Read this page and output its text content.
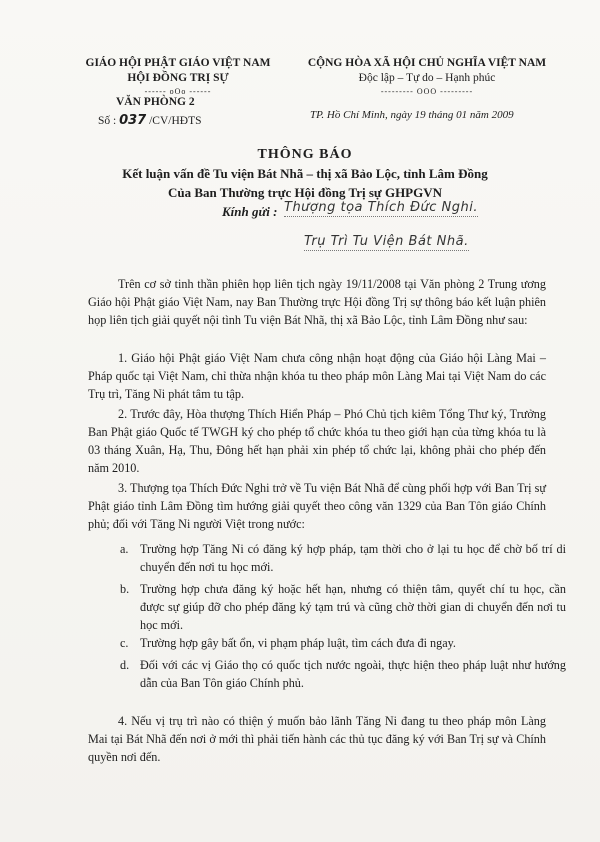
GIÁO HỘI PHẬT GIÁO VIỆT NAM
HỘI ĐỒNG TRỊ SỰ
------ oOo ------
VĂN PHÒNG 2
Số : 037 /CV/HĐTS
CỘNG HÒA XÃ HỘI CHỦ NGHĨA VIỆT NAM
Độc lập – Tự do – Hạnh phúc
--------- OOO ---------
TP. Hồ Chí Minh, ngày 19 tháng 01 năm 2009
THÔNG BÁO
Kết luận vấn đề Tu viện Bát Nhã – thị xã Bảo Lộc, tỉnh Lâm Đồng
Của Ban Thường trực Hội đồng Trị sự GHPGVN
Kính gửi : Thượng tọa Thích Đức Nghi.
Trụ Trì Tu Viện Bát Nhã.
Trên cơ sở tinh thần phiên họp liên tịch ngày 19/11/2008 tại Văn phòng 2 Trung ương Giáo hội Phật giáo Việt Nam, nay Ban Thường trực Hội đồng Trị sự thông báo kết luận phiên họp liên tịch giải quyết nội tình Tu viện Bát Nhã, thị xã Bảo Lộc, tỉnh Lâm Đồng như sau:
1. Giáo hội Phật giáo Việt Nam chưa công nhận hoạt động của Giáo hội Làng Mai – Pháp quốc tại Việt Nam, chỉ thừa nhận khóa tu theo pháp môn Làng Mai tại Việt Nam do các Trụ trì, Tăng Ni phát tâm tu tập.
2. Trước đây, Hòa thượng Thích Hiển Pháp – Phó Chủ tịch kiêm Tổng Thư ký, Trưởng Ban Phật giáo Quốc tế TWGH ký cho phép tổ chức khóa tu theo giới hạn của từng khóa tu là 03 tháng Xuân, Hạ, Thu, Đông hết hạn phải xin phép tổ chức lại, không phải cho phép đến năm 2010.
3. Thượng tọa Thích Đức Nghi trở về Tu viện Bát Nhã để cùng phối hợp với Ban Trị sự Phật giáo tỉnh Lâm Đồng tìm hướng giải quyết theo công văn 1329 của Ban Tôn giáo Chính phủ; đối với Tăng Ni người Việt trong nước:
a. Trường hợp Tăng Ni có đăng ký hợp pháp, tạm thời cho ở lại tu học để chờ bố trí di chuyển đến nơi tu học mới.
b. Trường hợp chưa đăng ký hoặc hết hạn, nhưng có thiện tâm, quyết chí tu học, cần được sự giúp đỡ cho phép đăng ký tạm trú và cũng chờ thời gian di chuyển đến nơi tu học mới.
c. Trường hợp gây bất ổn, vi phạm pháp luật, tìm cách đưa đi ngay.
d. Đối với các vị Giáo thọ có quốc tịch nước ngoài, thực hiện theo pháp luật như hướng dẫn của Ban Tôn giáo Chính phủ.
4. Nếu vị trụ trì nào có thiện ý muốn bảo lãnh Tăng Ni đang tu theo pháp môn Làng Mai tại Bát Nhã đến nơi ở mới thì phải tiến hành các thủ tục đăng ký với Ban Trị sự và Chính quyền nơi đến.
